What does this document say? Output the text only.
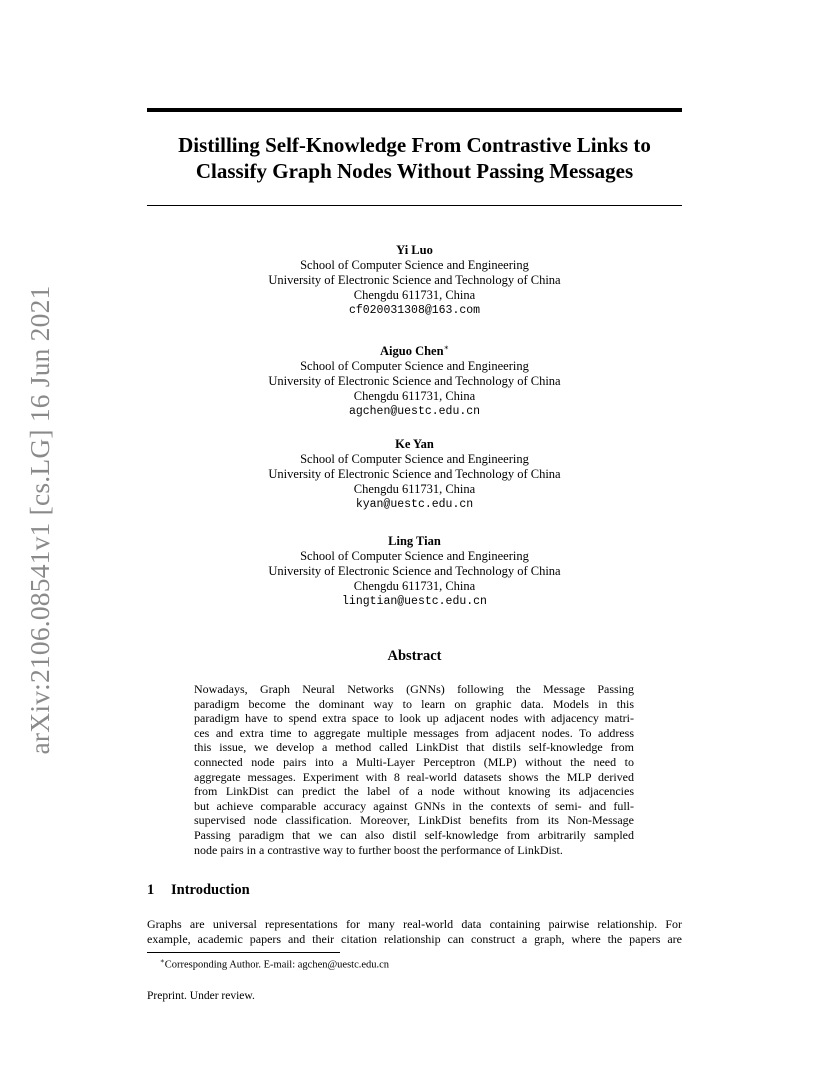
arXiv:2106.08541v1 [cs.LG] 16 Jun 2021
Distilling Self-Knowledge From Contrastive Links to
Classify Graph Nodes Without Passing Messages
Yi Luo
School of Computer Science and Engineering
University of Electronic Science and Technology of China
Chengdu 611731, China
cf020031308@163.com
Aiguo Chen∗
School of Computer Science and Engineering
University of Electronic Science and Technology of China
Chengdu 611731, China
agchen@uestc.edu.cn
Ke Yan
School of Computer Science and Engineering
University of Electronic Science and Technology of China
Chengdu 611731, China
kyan@uestc.edu.cn
Ling Tian
School of Computer Science and Engineering
University of Electronic Science and Technology of China
Chengdu 611731, China
lingtian@uestc.edu.cn
Abstract
Nowadays, Graph Neural Networks (GNNs) following the Message Passing
paradigm become the dominant way to learn on graphic data. Models in this
paradigm have to spend extra space to look up adjacent nodes with adjacency matri-
ces and extra time to aggregate multiple messages from adjacent nodes. To address
this issue, we develop a method called LinkDist that distils self-knowledge from
connected node pairs into a Multi-Layer Perceptron (MLP) without the need to
aggregate messages. Experiment with 8 real-world datasets shows the MLP derived
from LinkDist can predict the label of a node without knowing its adjacencies
but achieve comparable accuracy against GNNs in the contexts of semi- and full-
supervised node classification. Moreover, LinkDist benefits from its Non-Message
Passing paradigm that we can also distil self-knowledge from arbitrarily sampled
node pairs in a contrastive way to further boost the performance of LinkDist.
1 Introduction
Graphs are universal representations for many real-world data containing pairwise relationship. For
example, academic papers and their citation relationship can construct a graph, where the papers are
∗Corresponding Author. E-mail: agchen@uestc.edu.cn
Preprint. Under review.
